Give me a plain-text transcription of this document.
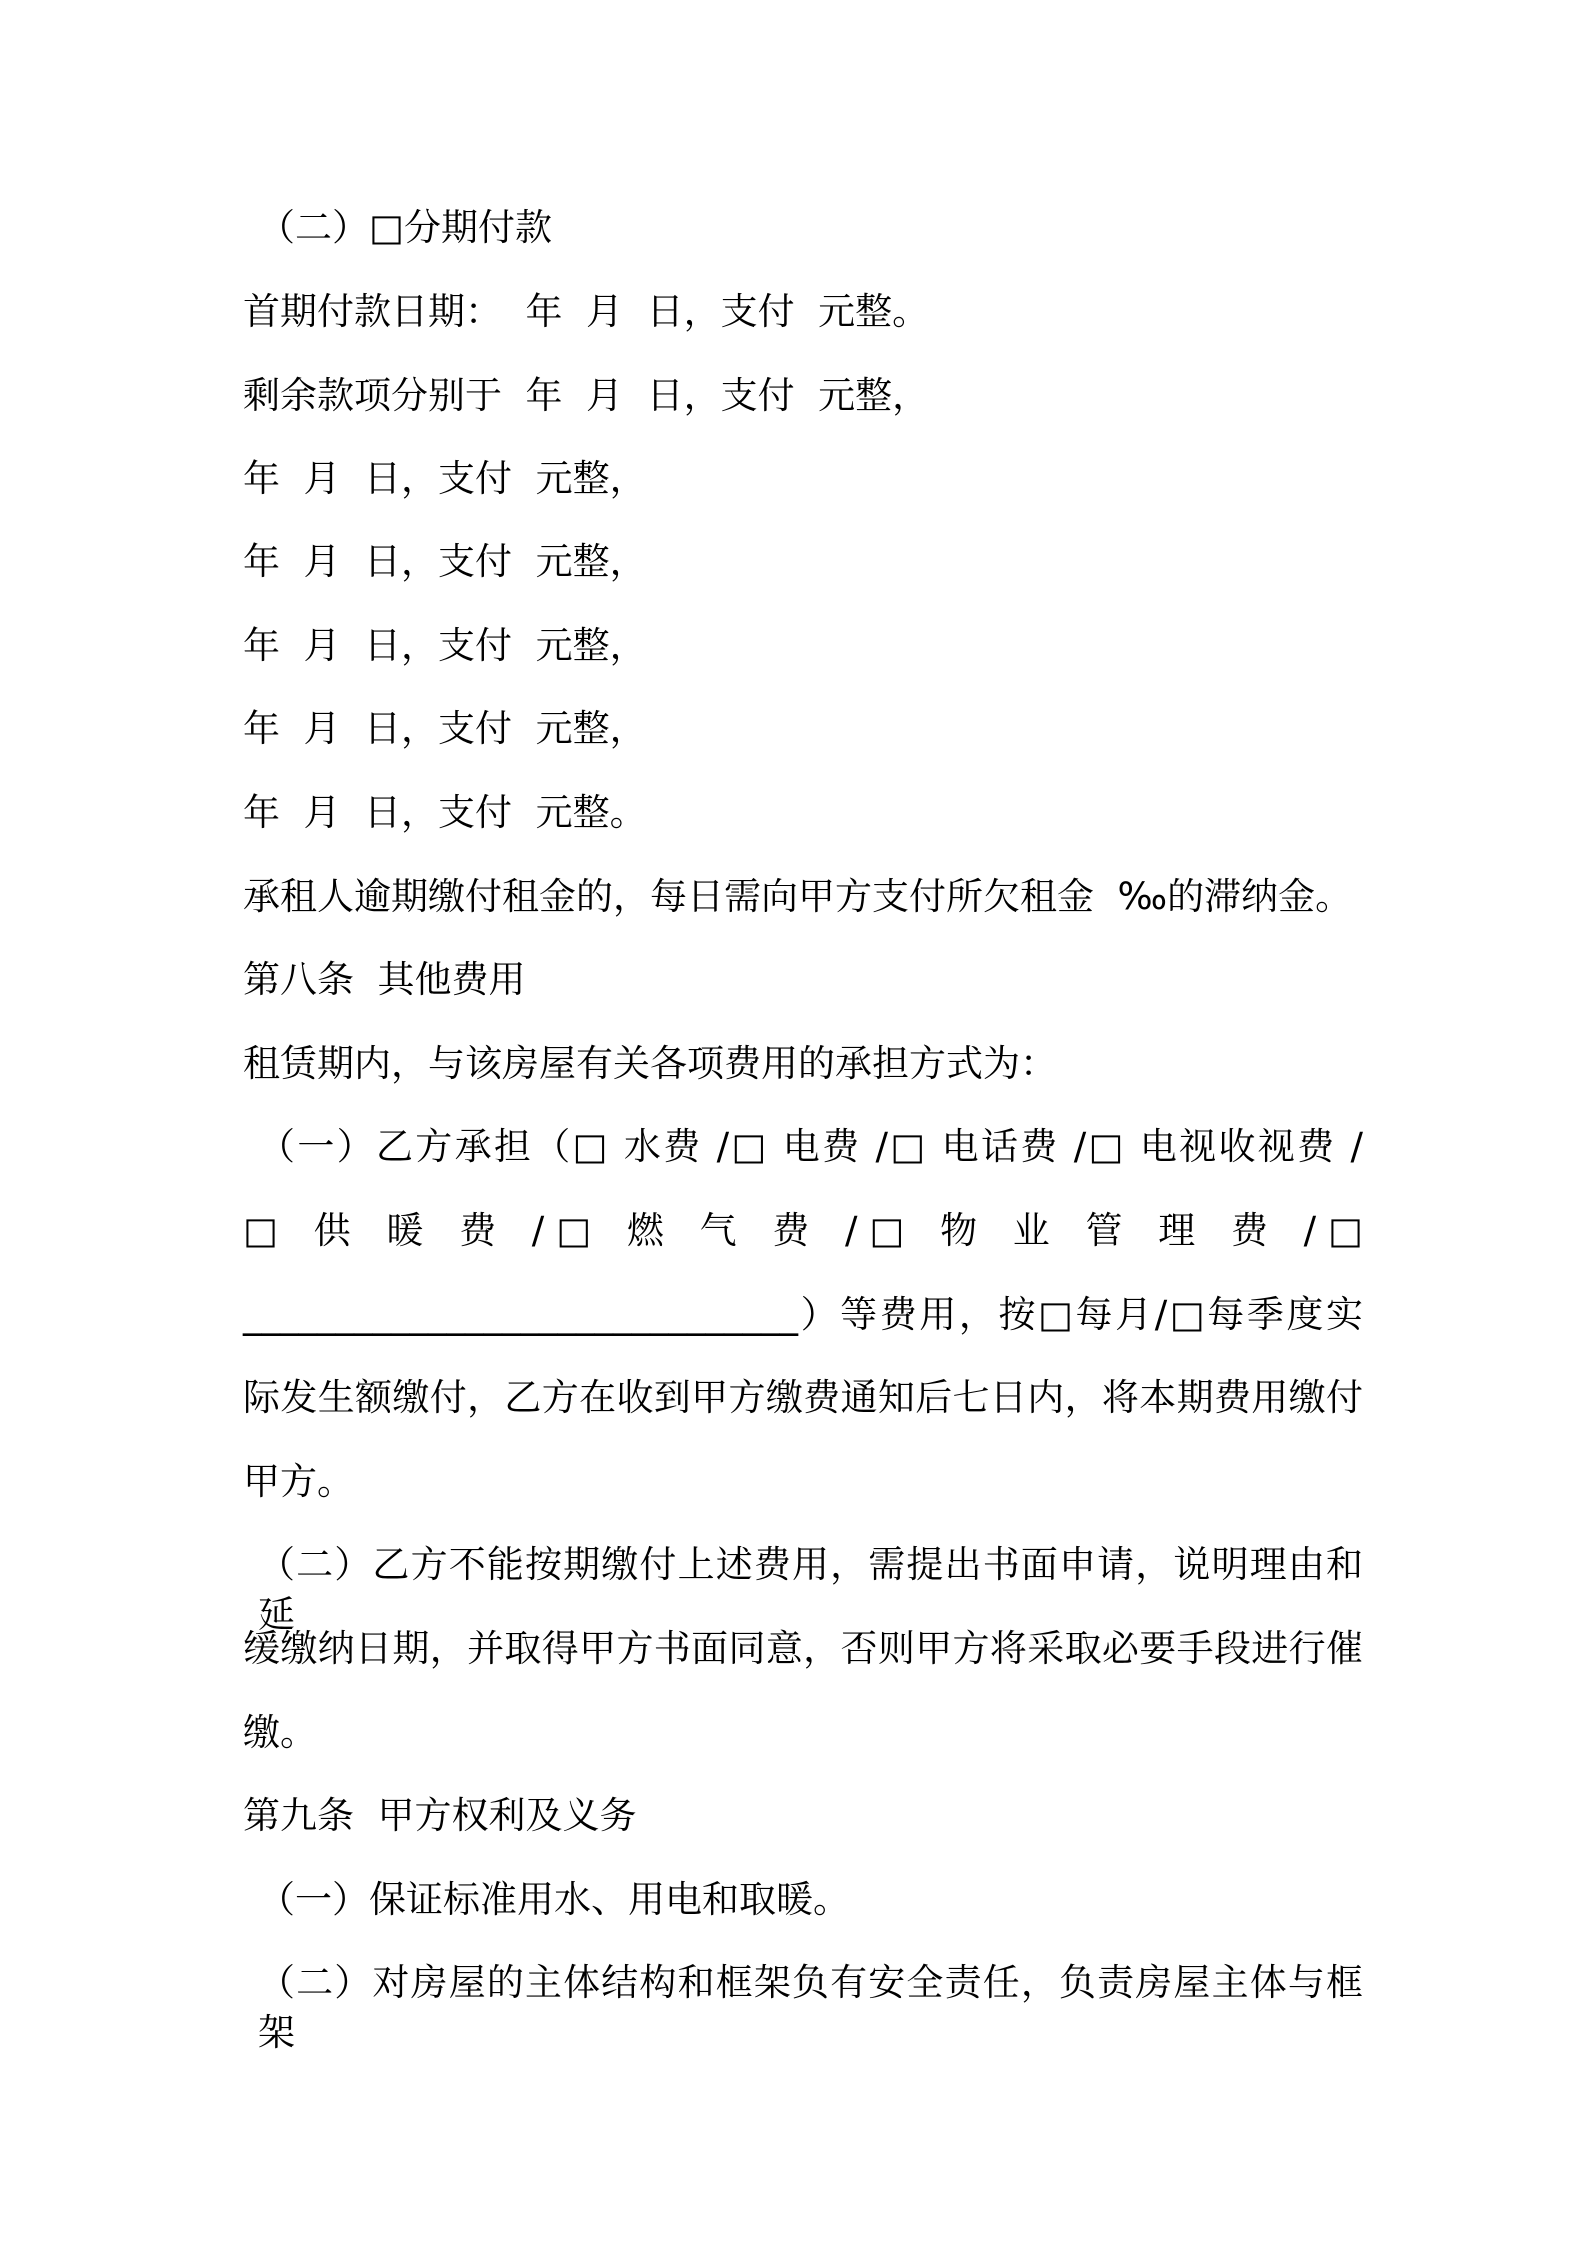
（二）□分期付款
首期付款日期：  年  月  日，支付  元整。
剩余款项分别于  年  月  日，支付  元整，
年  月  日，支付  元整，
年  月  日，支付  元整，
年  月  日，支付  元整，
年  月  日，支付  元整，
年  月  日，支付  元整。
承租人逾期缴付租金的，每日需向甲方支付所欠租金  ‰的滞纳金。
第八条  其他费用
租赁期内，与该房屋有关各项费用的承担方式为：
（一）乙方承担（□ 水费 /□ 电费 /□ 电话费 /□ 电视收视费 /
□ 供 暖 费 /□ 燃 气 费 /□ 物 业 管 理 费 /□
______________________________）等费用，按□每月/□每季度实
际发生额缴付，乙方在收到甲方缴费通知后七日内，将本期费用缴付
甲方。
（二）乙方不能按期缴付上述费用，需提出书面申请，说明理由和延
缓缴纳日期，并取得甲方书面同意，否则甲方将采取必要手段进行催
缴。
第九条  甲方权利及义务
（一）保证标准用水、用电和取暖。
（二）对房屋的主体结构和框架负有安全责任，负责房屋主体与框架
